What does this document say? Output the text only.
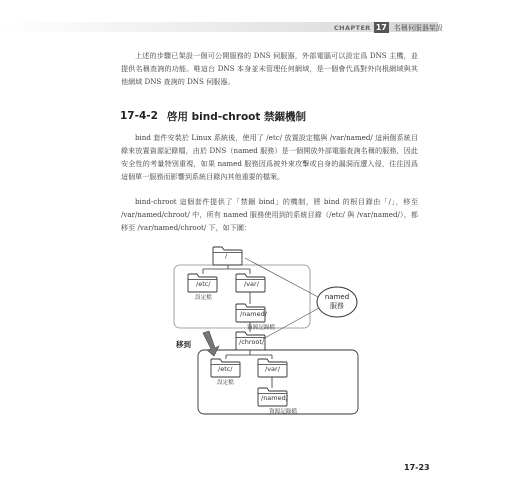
CHAPTER 17 名稱伺服器架設

上述的步驟已架設一個可公開服務的 DNS 伺服器，外部電腦可以設定爲 DNS 主機，並提供名稱查詢的功能。唯這台 DNS 本身並未管理任何網域，是一個會代爲對外向根網域與其他網域 DNS 查詢的 DNS 伺服器。

17-4-2 啓用 bind-chroot 禁錮機制

bind 套件安裝於 Linux 系統後，使用了 /etc/ 放置設定檔與 /var/named/ 這兩個系統目錄來放置資源記錄檔，由於 DNS（named 服務）是一個開放外部電腦查詢名稱的服務，因此安全性的考量特別重視，如果 named 服務因爲被外來攻擊或自身的漏洞而遭入侵，往往因爲這個單一服務而影響到系統目錄內其他重要的檔案。

bind-chroot 這個套件提供了「禁錮 bind」的機制，將 bind 的根目錄由「/」，移至 /var/named/chroot/ 中，所有 named 服務使用到的系統目錄（/etc/ 與 /var/named/），都移至 /var/named/chroot/ 下，如下圖：

/
/etc/
設定檔
/var/
/named/
資源記錄檔
/chroot/
/etc/
設定檔
/var/
/named/
資源記錄檔
named
服務
移到
17-23
